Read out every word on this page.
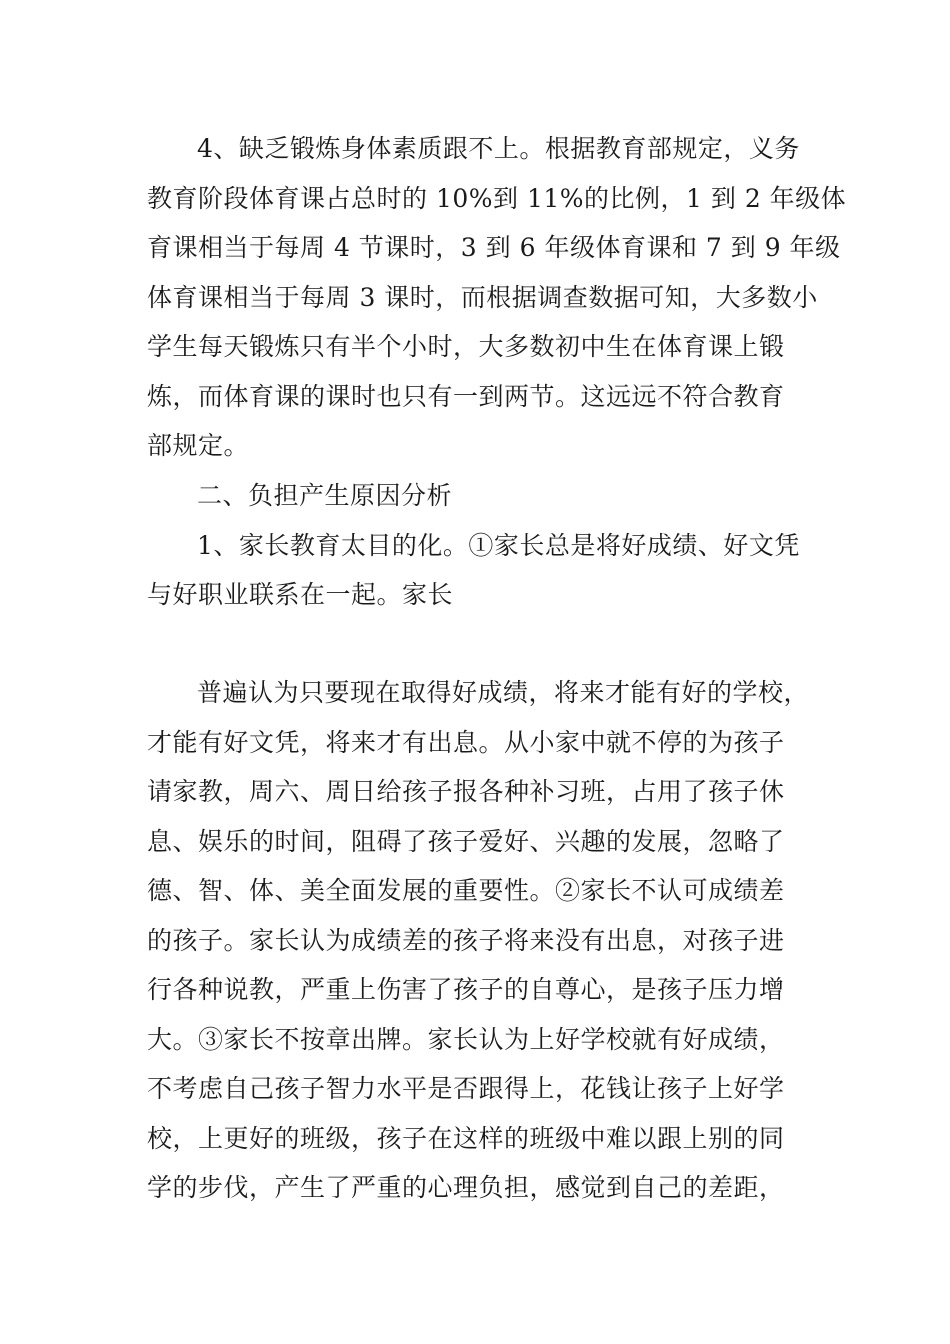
4、缺乏锻炼身体素质跟不上。根据教育部规定，义务
教育阶段体育课占总时的 10%到 11%的比例，1 到 2 年级体
育课相当于每周 4 节课时，3 到 6 年级体育课和 7 到 9 年级
体育课相当于每周 3 课时，而根据调查数据可知，大多数小
学生每天锻炼只有半个小时，大多数初中生在体育课上锻
炼，而体育课的课时也只有一到两节。这远远不符合教育
部规定。
二、负担产生原因分析
1、家长教育太目的化。①家长总是将好成绩、好文凭
与好职业联系在一起。家长
普遍认为只要现在取得好成绩，将来才能有好的学校，
才能有好文凭，将来才有出息。从小家中就不停的为孩子
请家教，周六、周日给孩子报各种补习班，占用了孩子休
息、娱乐的时间，阻碍了孩子爱好、兴趣的发展，忽略了
德、智、体、美全面发展的重要性。②家长不认可成绩差
的孩子。家长认为成绩差的孩子将来没有出息，对孩子进
行各种说教，严重上伤害了孩子的自尊心，是孩子压力增
大。③家长不按章出牌。家长认为上好学校就有好成绩，
不考虑自己孩子智力水平是否跟得上，花钱让孩子上好学
校，上更好的班级，孩子在这样的班级中难以跟上别的同
学的步伐，产生了严重的心理负担，感觉到自己的差距，
